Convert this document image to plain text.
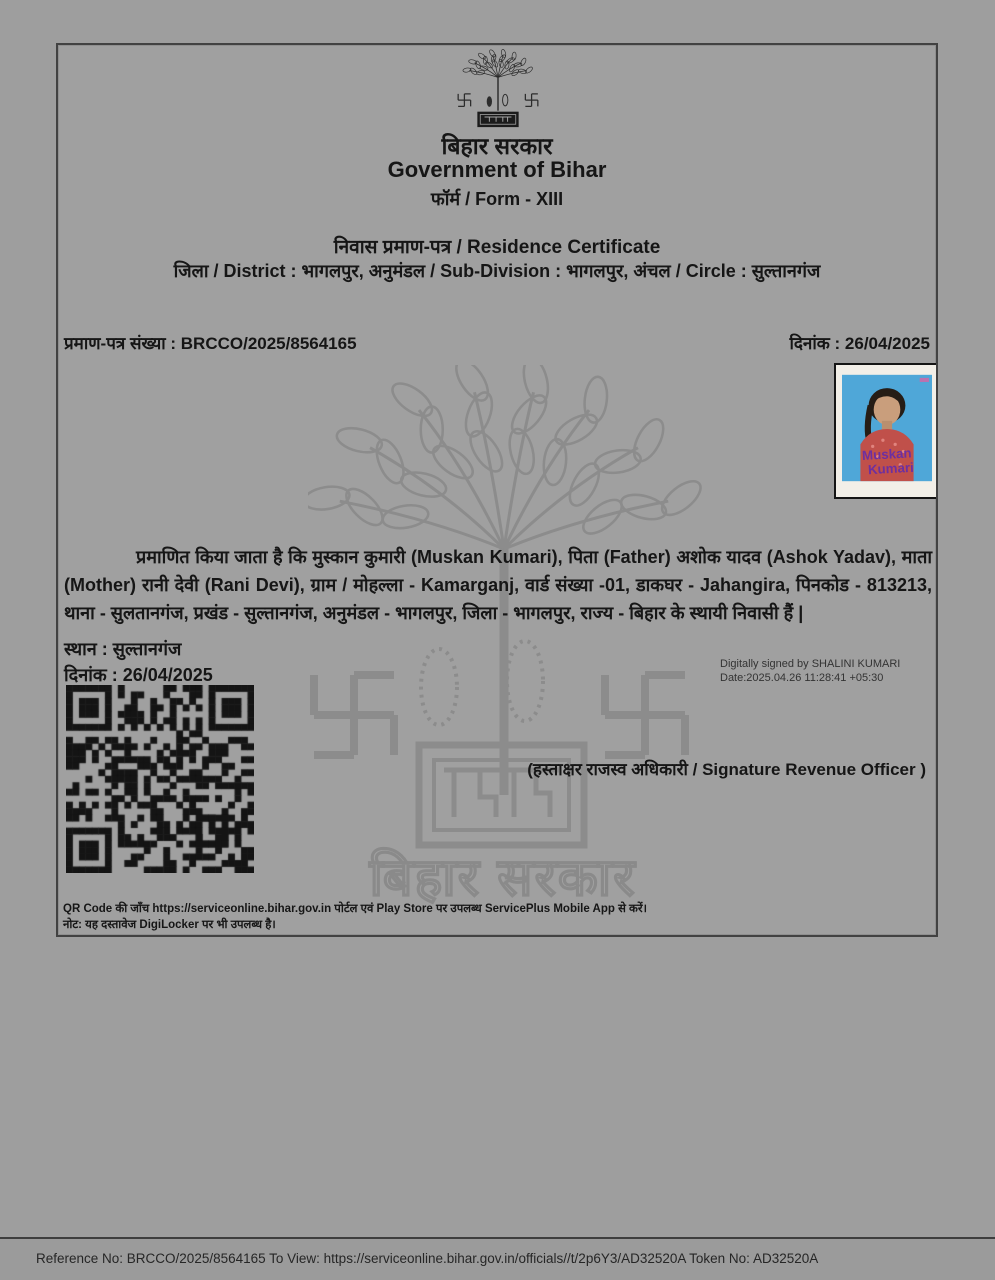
बिहार सरकार
बिहार सरकार
Government of Bihar
फॉर्म / Form - XIII
निवास प्रमाण-पत्र / Residence Certificate
जिला / District : भागलपुर, अनुमंडल / Sub-Division : भागलपुर, अंचल / Circle : सुल्तानगंज
प्रमाण-पत्र संख्या : BRCCO/2025/8564165	दिनांक : 26/04/2025
Muskan
Kumari

प्रमाणित किया जाता है कि मुस्कान कुमारी (Muskan Kumari), पिता (Father) अशोक यादव (Ashok Yadav), माता (Mother) रानी देवी (Rani Devi), ग्राम / मोहल्ला - Kamarganj, वार्ड संख्या -01, डाकघर - Jahangira, पिनकोड - 813213, थाना - सुलतानगंज, प्रखंड - सुल्तानगंज, अनुमंडल - भागलपुर, जिला - भागलपुर, राज्य - बिहार के स्थायी निवासी हैं |

स्थान : सुल्तानगंज
दिनांक : 26/04/2025
Digitally signed by SHALINI KUMARI
Date:2025.04.26 11:28:41 +05:30
(हस्ताक्षर राजस्व अधिकारी / Signature Revenue Officer )
QR Code की जाँच https://serviceonline.bihar.gov.in पोर्टल एवं Play Store पर उपलब्ध ServicePlus Mobile App से करें।
नोट: यह दस्तावेज DigiLocker पर भी उपलब्ध है।
Reference No: BRCCO/2025/8564165 To View: https://serviceonline.bihar.gov.in/officials//t/2p6Y3/AD32520A Token No: AD32520A
